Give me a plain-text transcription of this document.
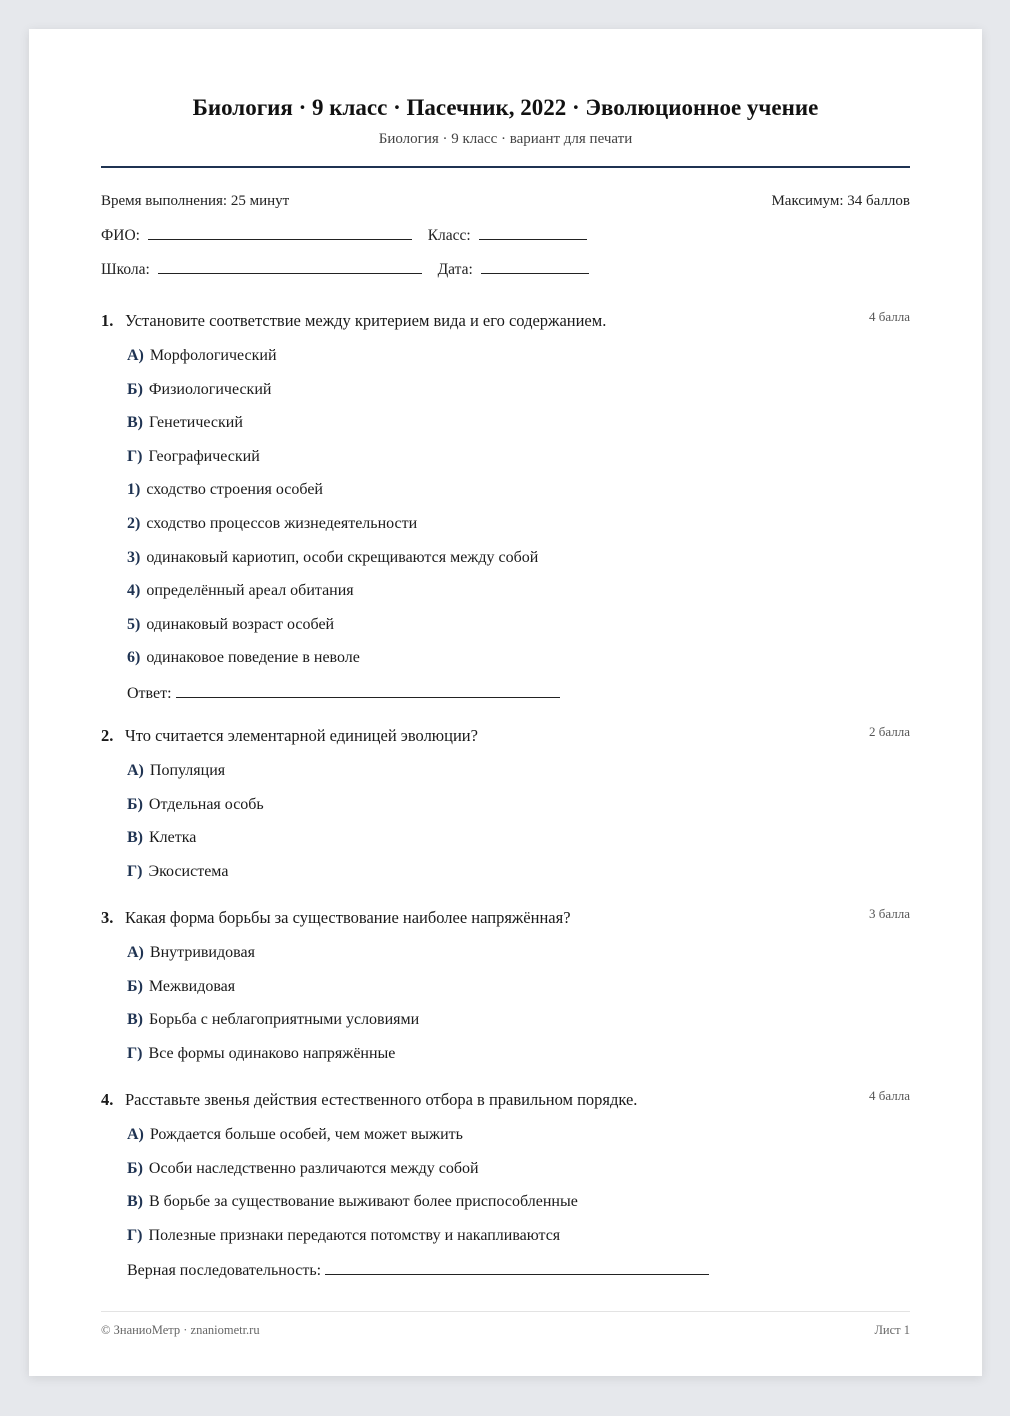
Биология · 9 класс · Пасечник, 2022 · Эволюционное учение
Биология · 9 класс · вариант для печати
Время выполнения: 25 минут	Максимум: 34 баллов
ФИО:	Класс:
Школа:	Дата:
1. Установите соответствие между критерием вида и его содержанием.	4 балла
А) Морфологический
Б) Физиологический
В) Генетический
Г) Географический
1) сходство строения особей
2) сходство процессов жизнедеятельности
3) одинаковый кариотип, особи скрещиваются между собой
4) определённый ареал обитания
5) одинаковый возраст особей
6) одинаковое поведение в неволе
Ответ:
2. Что считается элементарной единицей эволюции?	2 балла
А) Популяция
Б) Отдельная особь
В) Клетка
Г) Экосистема
3. Какая форма борьбы за существование наиболее напряжённая?	3 балла
А) Внутривидовая
Б) Межвидовая
В) Борьба с неблагоприятными условиями
Г) Все формы одинаково напряжённые
4. Расставьте звенья действия естественного отбора в правильном порядке.	4 балла
А) Рождается больше особей, чем может выжить
Б) Особи наследственно различаются между собой
В) В борьбе за существование выживают более приспособленные
Г) Полезные признаки передаются потомству и накапливаются
Верная последовательность:
© ЗнаниоМетр · znaniometr.ru	Лист 1
